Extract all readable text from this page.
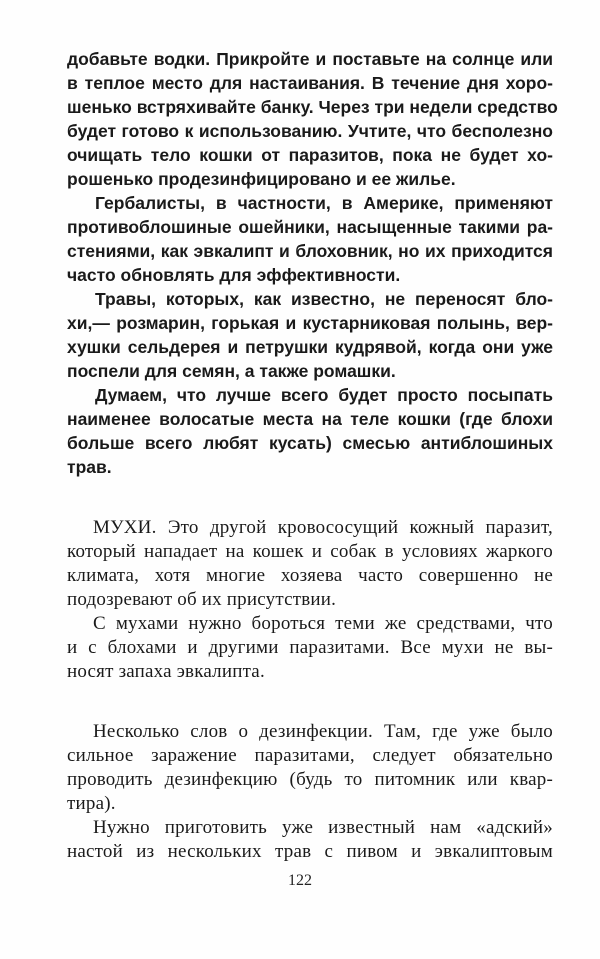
добавьте водки. Прикройте и поставьте на солнце или
в теплое место для настаивания. В течение дня хоро-
шенько встряхивайте банку. Через три недели средство
будет готово к использованию. Учтите, что бесполезно
очищать тело кошки от паразитов, пока не будет хо-
рошенько продезинфицировано и ее жилье.
Гербалисты, в частности, в Америке, применяют
противоблошиные ошейники, насыщенные такими ра-
стениями, как эвкалипт и блоховник, но их приходится
часто обновлять для эффективности.
Травы, которых, как известно, не переносят бло-
хи,— розмарин, горькая и кустарниковая полынь, вер-
хушки сельдерея и петрушки кудрявой, когда они уже
поспели для семян, а также ромашки.
Думаем, что лучше всего будет просто посыпать
наименее волосатые места на теле кошки (где блохи
больше всего любят кусать) смесью антиблошиных
трав.
МУХИ. Это другой кровососущий кожный паразит,
который нападает на кошек и собак в условиях жаркого
климата, хотя многие хозяева часто совершенно не
подозревают об их присутствии.
С мухами нужно бороться теми же средствами, что
и с блохами и другими паразитами. Все мухи не вы-
носят запаха эвкалипта.
Несколько слов о дезинфекции. Там, где уже было
сильное заражение паразитами, следует обязательно
проводить дезинфекцию (будь то питомник или квар-
тира).
Нужно приготовить уже известный нам «адский»
настой из нескольких трав с пивом и эвкалиптовым
122
